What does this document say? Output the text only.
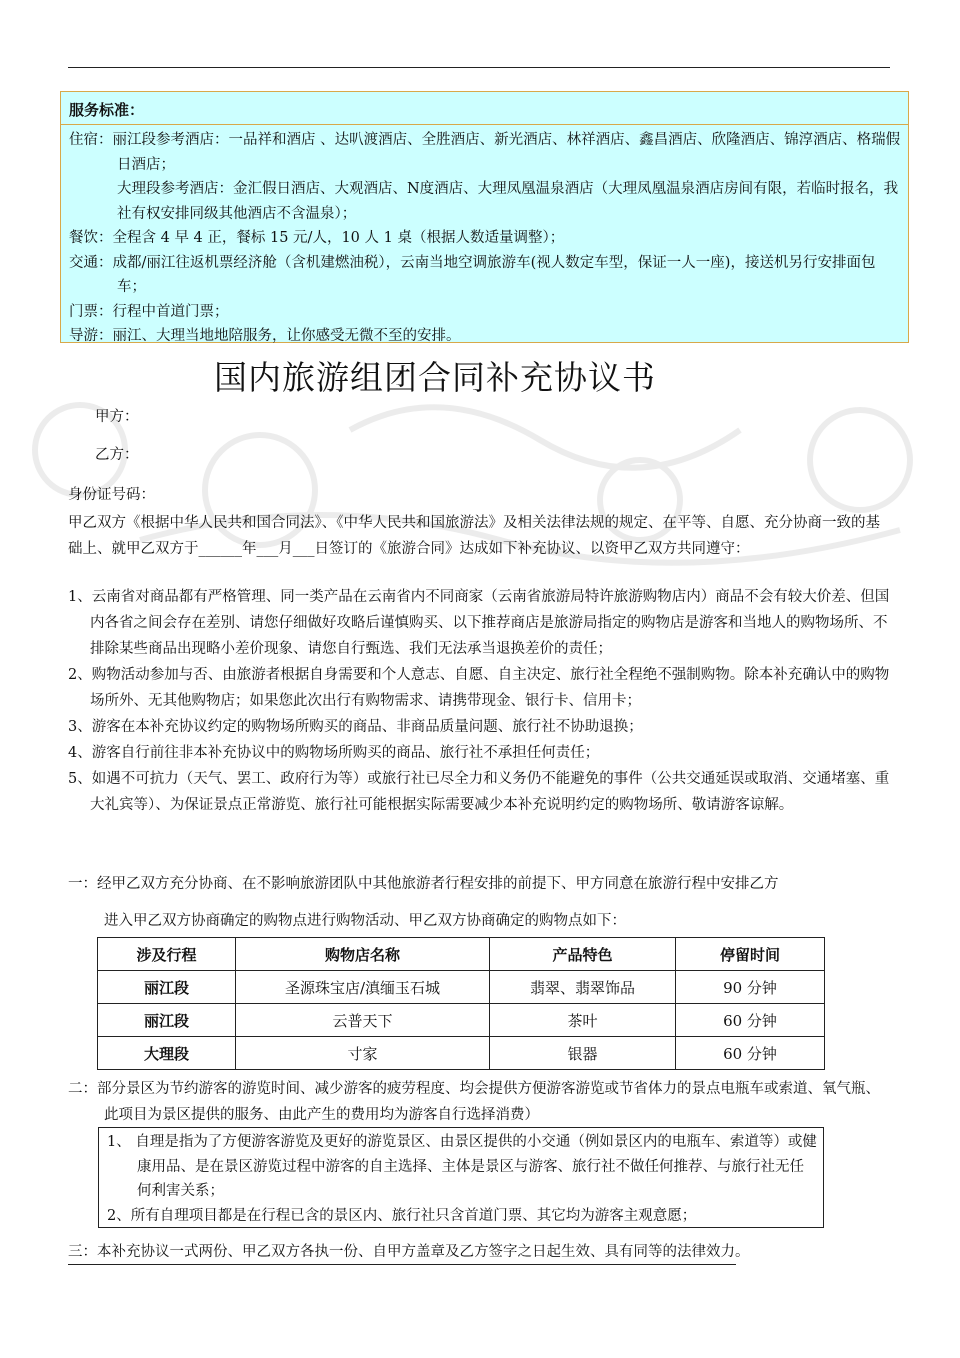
服务标准：
住宿：丽江段参考酒店：一品祥和酒店 、达叭渡酒店、全胜酒店、新光酒店、林祥酒店、鑫昌酒店、欣隆酒店、锦淳酒店、格瑞假日酒店；
大理段参考酒店：金汇假日酒店、大观酒店、N度酒店、大理凤凰温泉酒店（大理凤凰温泉酒店房间有限，若临时报名，我社有权安排同级其他酒店不含温泉）；
餐饮：全程含 4 早 4 正，餐标 15 元/人，10 人 1 桌（根据人数适量调整）；
交通：成都/丽江往返机票经济舱（含机建燃油税），云南当地空调旅游车(视人数定车型，保证一人一座)，接送机另行安排面包车；
门票：行程中首道门票；
导游：丽江、大理当地地陪服务，让你感受无微不至的安排。
国内旅游组团合同补充协议书
甲方：
乙方：
身份证号码：
甲乙双方《根据中华人民共和国合同法》、《中华人民共和国旅游法》及相关法律法规的规定、在平等、自愿、充分协商一致的基础上、就甲乙双方于______年___月___日签订的《旅游合同》达成如下补充协议、以资甲乙双方共同遵守：
1、云南省对商品都有严格管理、同一类产品在云南省内不同商家（云南省旅游局特许旅游购物店内）商品不会有较大价差、但国内各省之间会存在差别、请您仔细做好攻略后谨慎购买、以下推荐商店是旅游局指定的购物店是游客和当地人的购物场所、不排除某些商品出现略小差价现象、请您自行甄选、我们无法承当退换差价的责任；
2、购物活动参加与否、由旅游者根据自身需要和个人意志、自愿、自主决定、旅行社全程绝不强制购物。除本补充确认中的购物场所外、无其他购物店；如果您此次出行有购物需求、请携带现金、银行卡、信用卡；
3、游客在本补充协议约定的购物场所购买的商品、非商品质量问题、旅行社不协助退换；
4、游客自行前往非本补充协议中的购物场所购买的商品、旅行社不承担任何责任；
5、如遇不可抗力（天气、罢工、政府行为等）或旅行社已尽全力和义务仍不能避免的事件（公共交通延误或取消、交通堵塞、重大礼宾等）、为保证景点正常游览、旅行社可能根据实际需要减少本补充说明约定的购物场所、敬请游客谅解。
一：经甲乙双方充分协商、在不影响旅游团队中其他旅游者行程安排的前提下、甲方同意在旅游行程中安排乙方
进入甲乙双方协商确定的购物点进行购物活动、甲乙双方协商确定的购物点如下：
涉及行程	购物店名称	产品特色	停留时间
丽江段	圣源珠宝店/滇缅玉石城	翡翠、翡翠饰品	90 分钟
丽江段	云普天下	茶叶	60 分钟
大理段	寸家	银器	60 分钟
二：部分景区为节约游客的游览时间、减少游客的疲劳程度、均会提供方便游客游览或节省体力的景点电瓶车或索道、氧气瓶、此项目为景区提供的服务、由此产生的费用均为游客自行选择消费）
1、 自理是指为了方便游客游览及更好的游览景区、由景区提供的小交通（例如景区内的电瓶车、索道等）或健康用品、是在景区游览过程中游客的自主选择、主体是景区与游客、旅行社不做任何推荐、与旅行社无任何利害关系；
2、所有自理项目都是在行程已含的景区内、旅行社只含首道门票、其它均为游客主观意愿；
三：本补充协议一式两份、甲乙双方各执一份、自甲方盖章及乙方签字之日起生效、具有同等的法律效力。
